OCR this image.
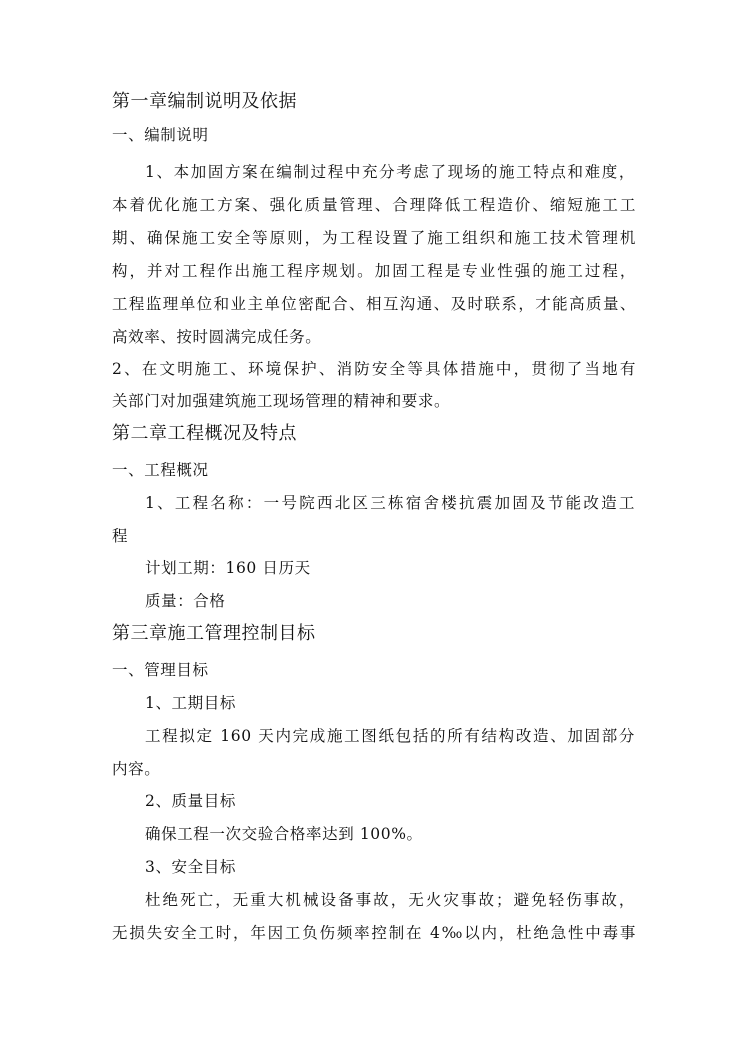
第一章编制说明及依据
一、编制说明
1、本加固方案在编制过程中充分考虑了现场的施工特点和难度，
本着优化施工方案、强化质量管理、合理降低工程造价、缩短施工工
期、确保施工安全等原则，为工程设置了施工组织和施工技术管理机
构，并对工程作出施工程序规划。加固工程是专业性强的施工过程，
工程监理单位和业主单位密配合、相互沟通、及时联系，才能高质量、
高效率、按时圆满完成任务。
2、在文明施工、环境保护、消防安全等具体措施中，贯彻了当地有
关部门对加强建筑施工现场管理的精神和要求。
第二章工程概况及特点
一、工程概况
1、工程名称：一号院西北区三栋宿舍楼抗震加固及节能改造工
程
计划工期：160 日历天
质量：合格
第三章施工管理控制目标
一、管理目标
1、工期目标
工程拟定 160 天内完成施工图纸包括的所有结构改造、加固部分
内容。
2、质量目标
确保工程一次交验合格率达到 100%。
3、安全目标
杜绝死亡，无重大机械设备事故，无火灾事故；避免轻伤事故，
无损失安全工时，年因工负伤频率控制在 4‰以内，杜绝急性中毒事
